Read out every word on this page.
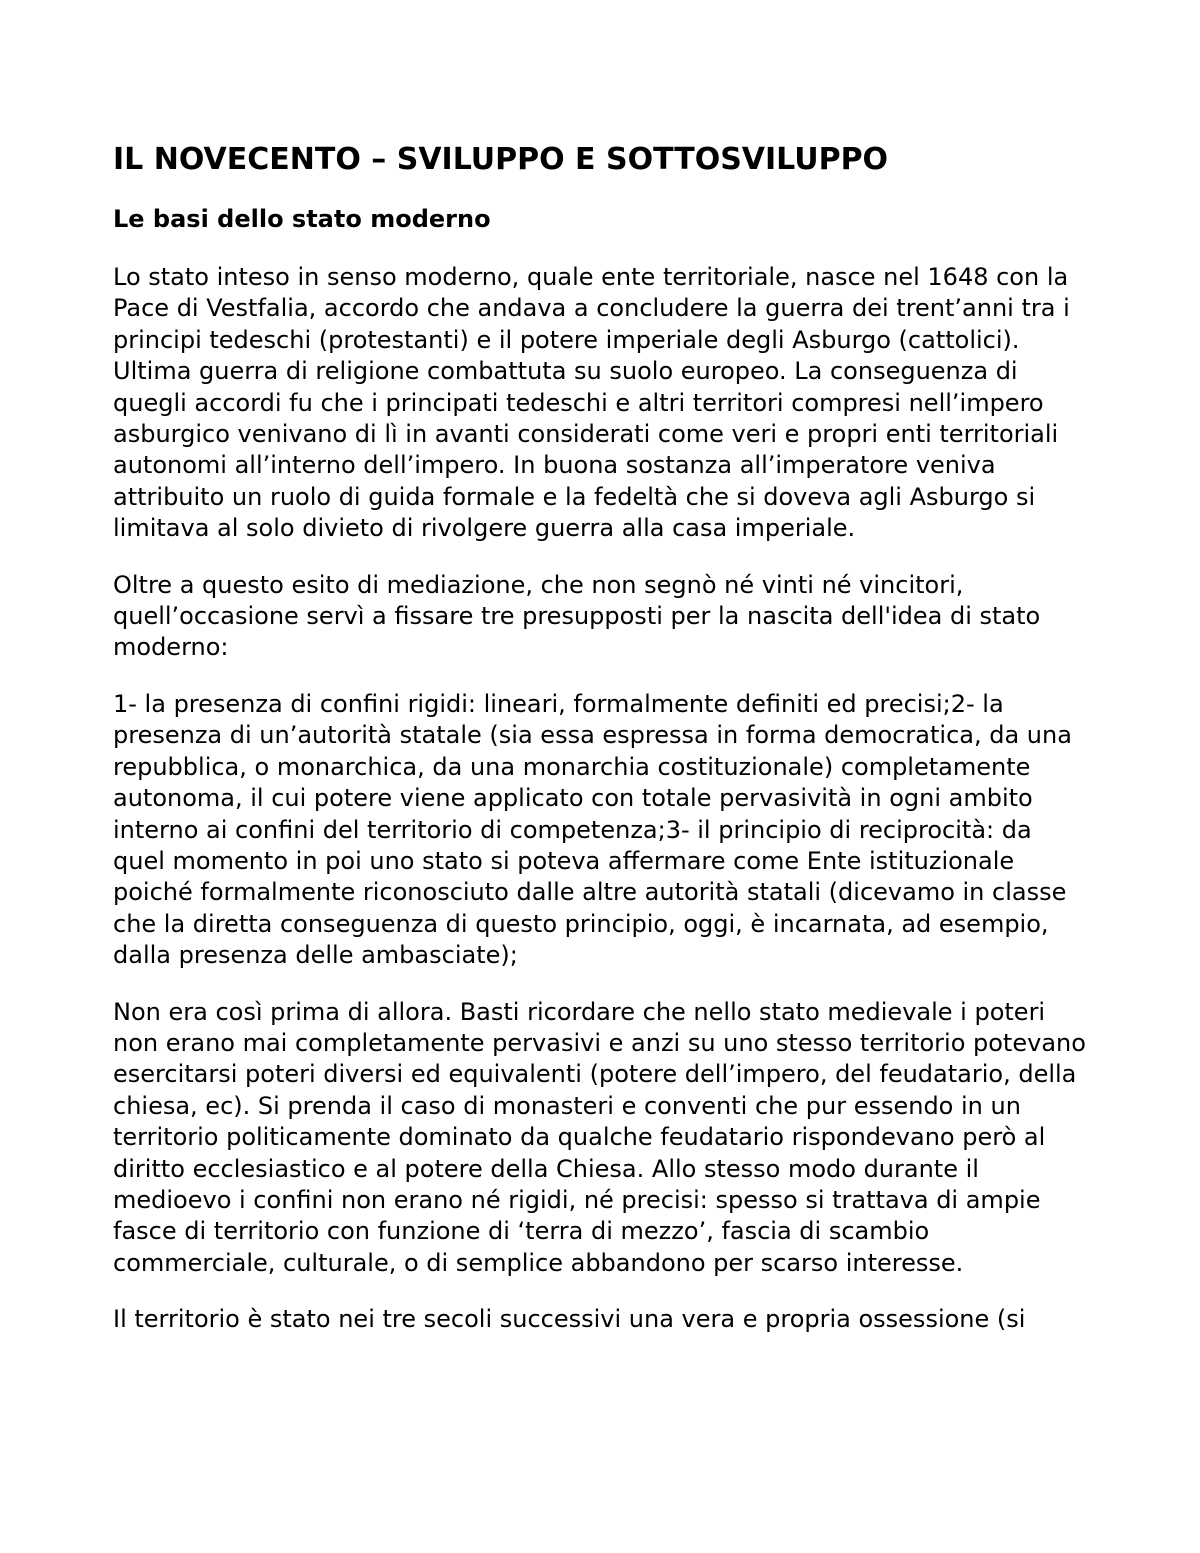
IL NOVECENTO – SVILUPPO E SOTTOSVILUPPO
Le basi dello stato moderno

Lo stato inteso in senso moderno, quale ente territoriale, nasce nel 1648 con la Pace di Vestfalia, accordo che andava a concludere la guerra dei trent’anni tra i principi tedeschi (protestanti) e il potere imperiale degli Asburgo (cattolici). Ultima guerra di religione combattuta su suolo europeo. La conseguenza di quegli accordi fu che i principati tedeschi e altri territori compresi nell’impero asburgico venivano di lì in avanti considerati come veri e propri enti territoriali autonomi all’interno dell’impero. In buona sostanza all’imperatore veniva attribuito un ruolo di guida formale e la fedeltà che si doveva agli Asburgo si limitava al solo divieto di rivolgere guerra alla casa imperiale.

Oltre a questo esito di mediazione, che non segnò né vinti né vincitori, quell’occasione servì a fissare tre presupposti per la nascita dell'idea di stato moderno:

1- la presenza di confini rigidi: lineari, formalmente definiti ed precisi;2- la presenza di un’autorità statale (sia essa espressa in forma democratica, da una repubblica, o monarchica, da una monarchia costituzionale) completamente autonoma, il cui potere viene applicato con totale pervasività in ogni ambito interno ai confini del territorio di competenza;3- il principio di reciprocità: da quel momento in poi uno stato si poteva affermare come Ente istituzionale poiché formalmente riconosciuto dalle altre autorità statali (dicevamo in classe che la diretta conseguenza di questo principio, oggi, è incarnata, ad esempio, dalla presenza delle ambasciate);

Non era così prima di allora. Basti ricordare che nello stato medievale i poteri non erano mai completamente pervasivi e anzi su uno stesso territorio potevano esercitarsi poteri diversi ed equivalenti (potere dell’impero, del feudatario, della chiesa, ec). Si prenda il caso di monasteri e conventi che pur essendo in un territorio politicamente dominato da qualche feudatario rispondevano però al diritto ecclesiastico e al potere della Chiesa. Allo stesso modo durante il medioevo i confini non erano né rigidi, né precisi: spesso si trattava di ampie fasce di territorio con funzione di ‘terra di mezzo’, fascia di scambio commerciale, culturale, o di semplice abbandono per scarso interesse.

Il territorio è stato nei tre secoli successivi una vera e propria ossessione (si
